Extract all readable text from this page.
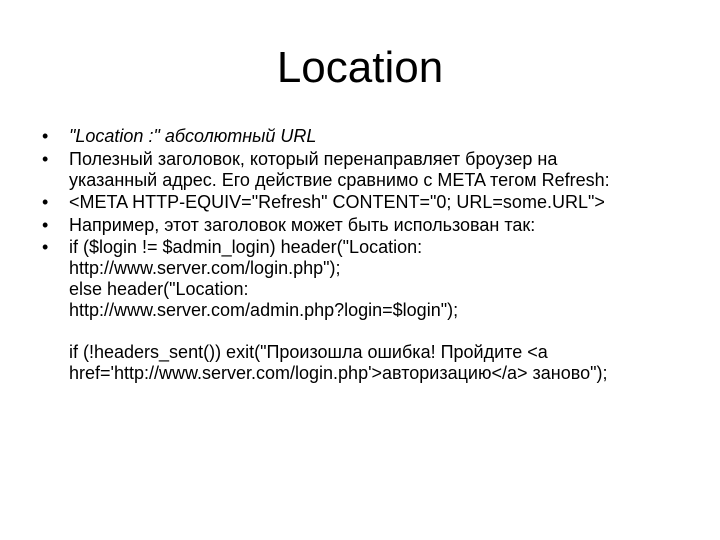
Location
•	"Location :" абсолютный URL
•	Полезный заголовок, который перенаправляет броузер на
указанный адрес. Его действие сравнимо с META тегом Refresh:
•	<META HTTP-EQUIV="Refresh" CONTENT="0; URL=some.URL">
•	Например, этот заголовок может быть использован так:
•	if ($login != $admin_login) header("Location:
http://www.server.com/login.php");
else header("Location:
http://www.server.com/admin.php?login=$login");
if (!headers_sent()) exit("Произошла ошибка! Пройдите <a
href='http://www.server.com/login.php'>авторизацию</a> заново");
